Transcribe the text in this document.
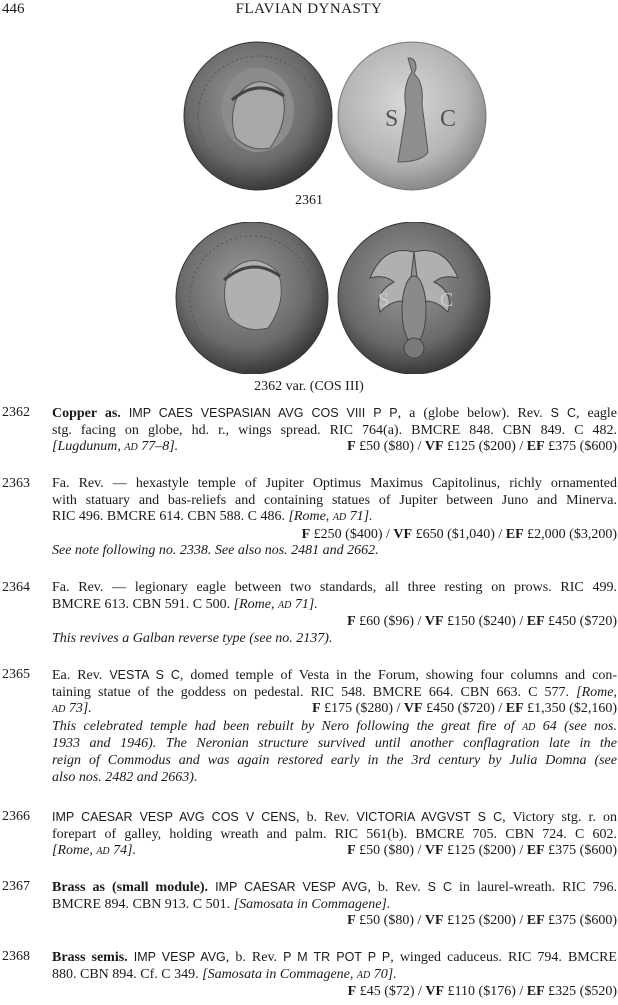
446	FLAVIAN DYNASTY
S C
2361
S	C
2362 var. (COS III)
2362 Copper as. IMP CAES VESPASIAN AVG COS VIII P P, a (globe below). Rev. S C, eagle
stg. facing on globe, hd. r., wings spread. RIC 764(a). BMCRE 848. CBN 849. C 482.
[Lugdunum, AD 77–8].	F £50 ($80) / VF £125 ($200) / EF £375 ($600)
2363 Fa. Rev. — hexastyle temple of Jupiter Optimus Maximus Capitolinus, richly ornamented
with statuary and bas-reliefs and containing statues of Jupiter between Juno and Minerva.
RIC 496. BMCRE 614. CBN 588. C 486. [Rome, AD 71].
F £250 ($400) / VF £650 ($1,040) / EF £2,000 ($3,200)
See note following no. 2338. See also nos. 2481 and 2662.
2364 Fa. Rev. — legionary eagle between two standards, all three resting on prows. RIC 499.
BMCRE 613. CBN 591. C 500. [Rome, AD 71].
F £60 ($96) / VF £150 ($240) / EF £450 ($720)
This revives a Galban reverse type (see no. 2137).
2365 Ea. Rev. VESTA S C, domed temple of Vesta in the Forum, showing four columns and con-
taining statue of the goddess on pedestal. RIC 548. BMCRE 664. CBN 663. C 577. [Rome,
AD 73].	F £175 ($280) / VF £450 ($720) / EF £1,350 ($2,160)
This celebrated temple had been rebuilt by Nero following the great fire of AD 64 (see nos.
1933 and 1946). The Neronian structure survived until another conflagration late in the
reign of Commodus and was again restored early in the 3rd century by Julia Domna (see
also nos. 2482 and 2663).
2366 IMP CAESAR VESP AVG COS V CENS, b. Rev. VICTORIA AVGVST S C, Victory stg. r. on
forepart of galley, holding wreath and palm. RIC 561(b). BMCRE 705. CBN 724. C 602.
[Rome, AD 74].	F £50 ($80) / VF £125 ($200) / EF £375 ($600)
2367 Brass as (small module). IMP CAESAR VESP AVG, b. Rev. S C in laurel-wreath. RIC 796.
BMCRE 894. CBN 913. C 501. [Samosata in Commagene].
F £50 ($80) / VF £125 ($200) / EF £375 ($600)
2368 Brass semis. IMP VESP AVG, b. Rev. P M TR POT P P, winged caduceus. RIC 794. BMCRE
880. CBN 894. Cf. C 349. [Samosata in Commagene, AD 70].
F £45 ($72) / VF £110 ($176) / EF £325 ($520)
